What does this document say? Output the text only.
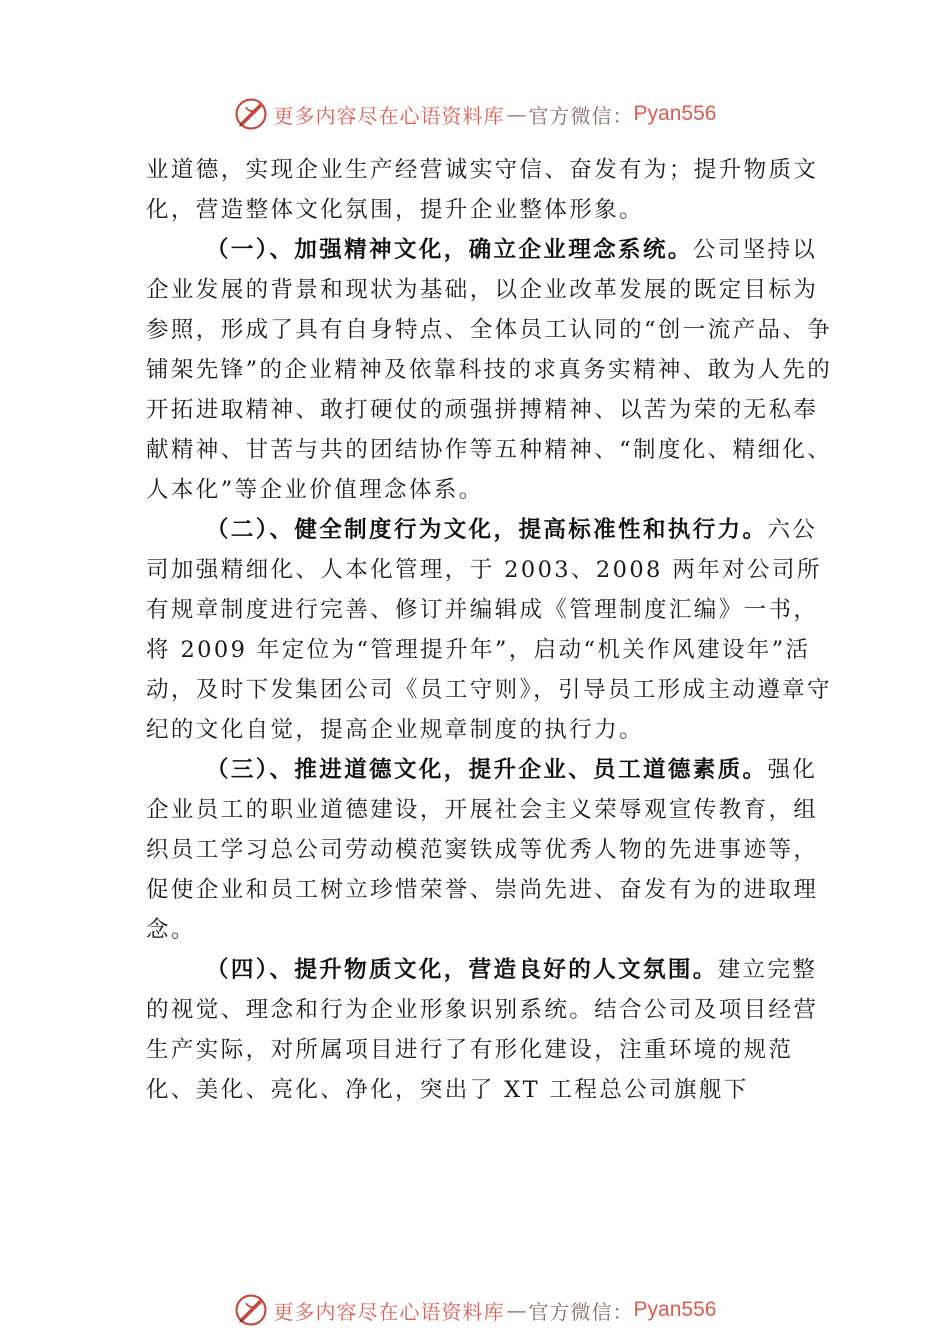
更多内容尽在心语资料库 — 官方微信： Pyan556

业道德，实现企业生产经营诚实守信、奋发有为；提升物质文化，营造整体文化氛围，提升企业整体形象。

（一）、加强精神文化，确立企业理念系统。公司坚持以企业发展的背景和现状为基础，以企业改革发展的既定目标为参照，形成了具有自身特点、全体员工认同的“创一流产品、争铺架先锋”的企业精神及依靠科技的求真务实精神、敢为人先的开拓进取精神、敢打硬仗的顽强拼搏精神、以苦为荣的无私奉献精神、甘苦与共的团结协作等五种精神、“制度化、精细化、人本化”等企业价值理念体系。

（二）、健全制度行为文化，提高标准性和执行力。六公司加强精细化、人本化管理，于 2003、2008 两年对公司所有规章制度进行完善、修订并编辑成《管理制度汇编》一书，将 2009 年定位为“管理提升年”，启动“机关作风建设年”活动，及时下发集团公司《员工守则》，引导员工形成主动遵章守纪的文化自觉，提高企业规章制度的执行力。

（三）、推进道德文化，提升企业、员工道德素质。强化企业员工的职业道德建设，开展社会主义荣辱观宣传教育，组织员工学习总公司劳动模范窦铁成等优秀人物的先进事迹等，促使企业和员工树立珍惜荣誉、崇尚先进、奋发有为的进取理念。

（四）、提升物质文化，营造良好的人文氛围。建立完整的视觉、理念和行为企业形象识别系统。结合公司及项目经营生产实际，对所属项目进行了有形化建设，注重环境的规范化、美化、亮化、净化，突出了 XT 工程总公司旗舰下

更多内容尽在心语资料库 — 官方微信： Pyan556
